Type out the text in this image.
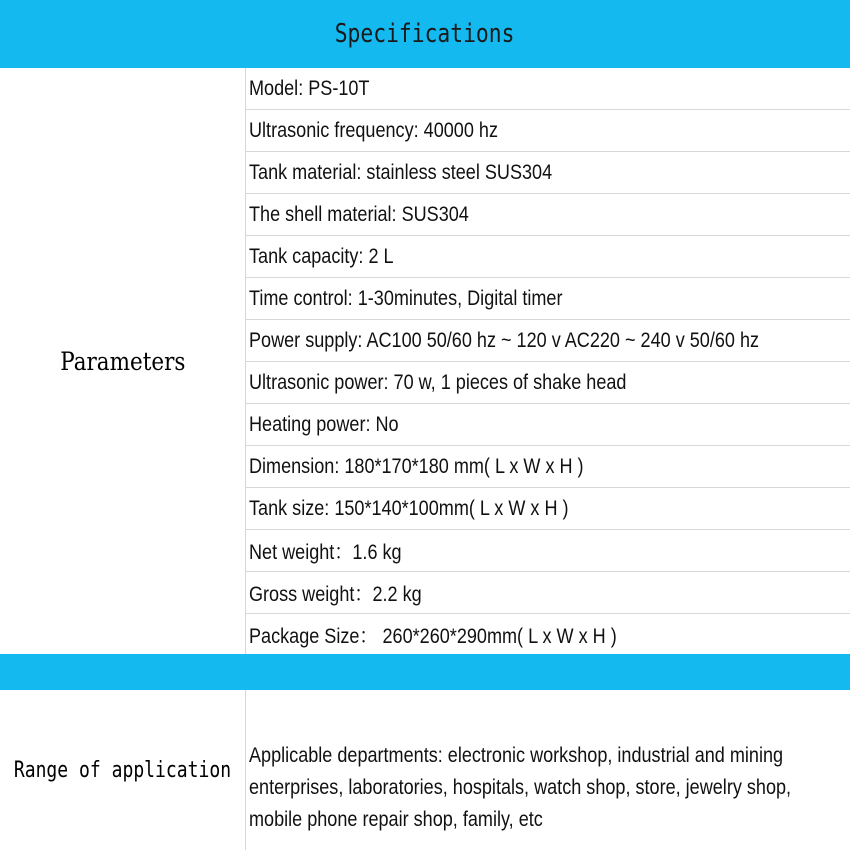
Specifications
Parameters
Model: PS-10T
Ultrasonic frequency: 40000 hz
Tank material: stainless steel SUS304
The shell material: SUS304
Tank capacity: 2 L
Time control: 1-30minutes, Digital timer
Power supply: AC100 50/60 hz ~ 120 v AC220 ~ 240 v 50/60 hz
Ultrasonic power: 70 w, 1 pieces of shake head
Heating power: No
Dimension: 180*170*180 mm( L x W x H )
Tank size: 150*140*100mm( L x W x H )
Net weight：1.6 kg
Gross weight：2.2 kg
Package Size： 260*260*290mm( L x W x H )
Range of application
Applicable departments: electronic workshop, industrial and mining enterprises, laboratories, hospitals, watch shop, store, jewelry shop, mobile phone repair shop, family, etc
